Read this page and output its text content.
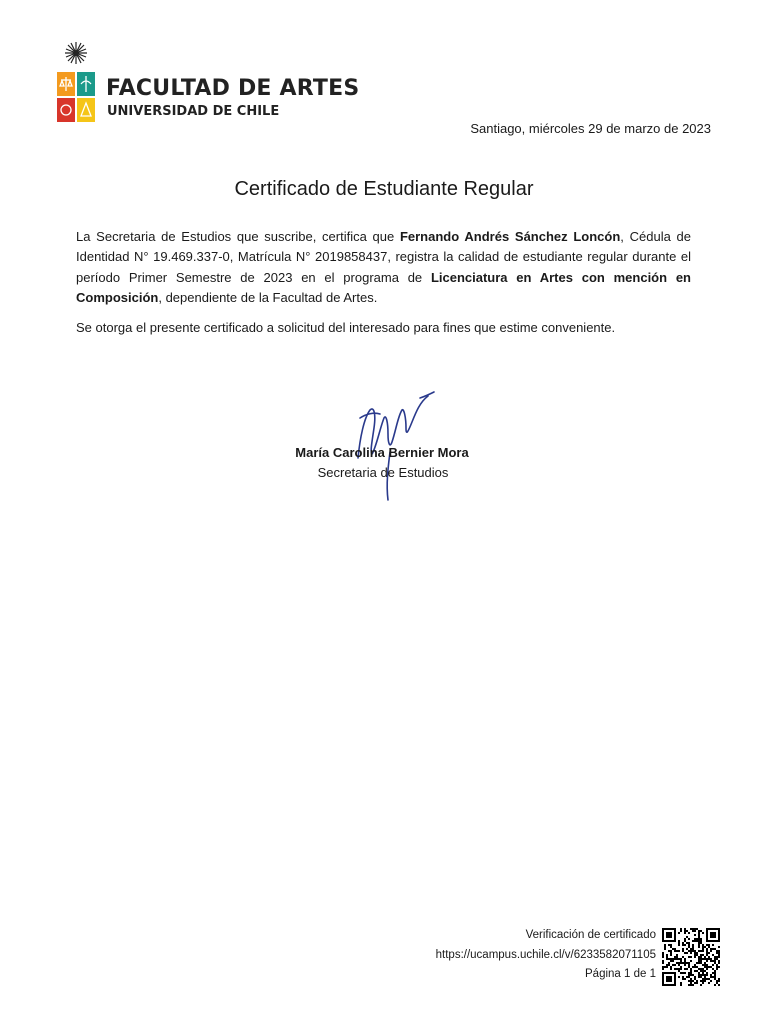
FACULTAD DE ARTES
UNIVERSIDAD DE CHILE
Santiago, miércoles 29 de marzo de 2023
Certificado de Estudiante Regular
La Secretaria de Estudios que suscribe, certifica que Fernando Andrés Sánchez Loncón, Cédula de Identidad N° 19.469.337-0, Matrícula N° 2019858437, registra la calidad de estudiante regular durante el período Primer Semestre de 2023 en el programa de Licenciatura en Artes con mención en Composición, dependiente de la Facultad de Artes.
Se otorga el presente certificado a solicitud del interesado para fines que estime conveniente.
María Carolina Bernier Mora
Secretaria de Estudios
Verificación de certificado
https://ucampus.uchile.cl/v/6233582071105
Página 1 de 1
